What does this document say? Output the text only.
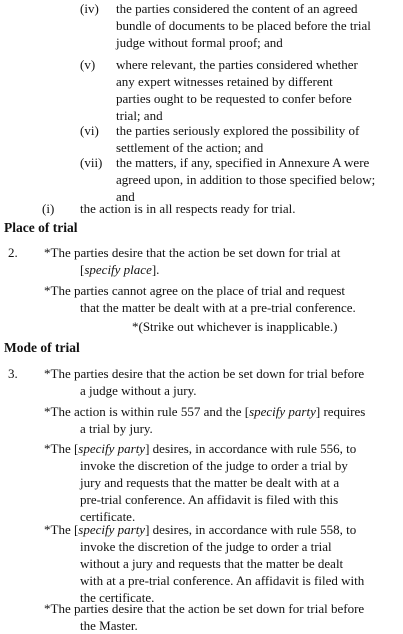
(iv) the parties considered the content of an agreed
bundle of documents to be placed before the trial
judge without formal proof; and
(v) where relevant, the parties considered whether
any expert witnesses retained by different
parties ought to be requested to confer before
trial; and
(vi) the parties seriously explored the possibility of
settlement of the action; and
(vii) the matters, if any, specified in Annexure A were
agreed upon, in addition to those specified below;
and
(i) the action is in all respects ready for trial.
Place of trial
2. *The parties desire that the action be set down for trial at
[specify place].
*The parties cannot agree on the place of trial and request
that the matter be dealt with at a pre-trial conference.
*(Strike out whichever is inapplicable.)
Mode of trial
3. *The parties desire that the action be set down for trial before
a judge without a jury.
*The action is within rule 557 and the [specify party] requires
a trial by jury.
*The [specify party] desires, in accordance with rule 556, to
invoke the discretion of the judge to order a trial by
jury and requests that the matter be dealt with at a
pre-trial conference. An affidavit is filed with this
certificate.
*The [specify party] desires, in accordance with rule 558, to
invoke the discretion of the judge to order a trial
without a jury and requests that the matter be dealt
with at a pre-trial conference. An affidavit is filed with
the certificate.
*The parties desire that the action be set down for trial before
the Master.
